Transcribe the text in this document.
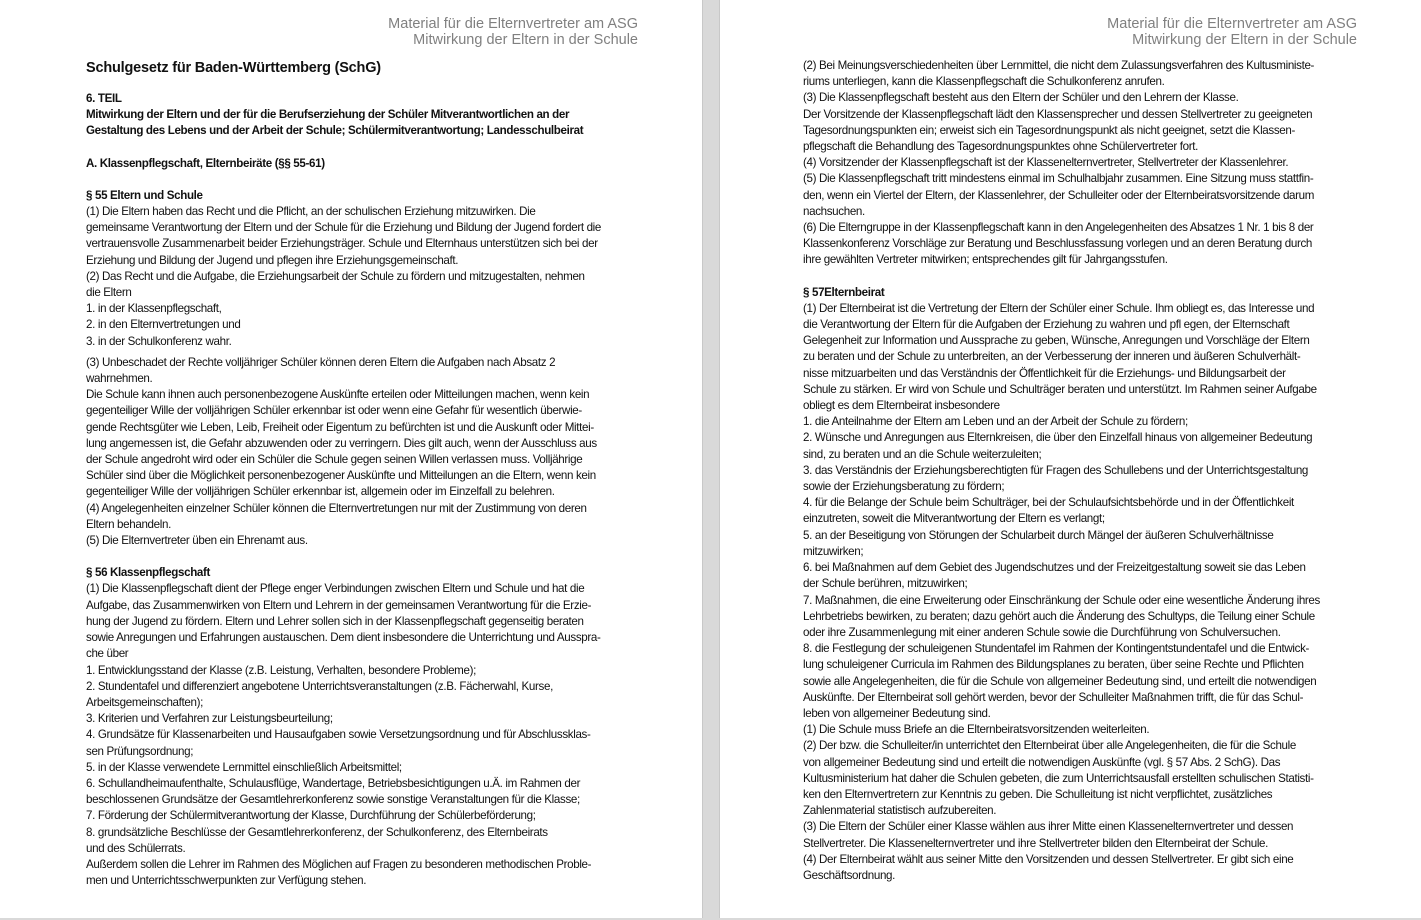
Material für die Elternvertreter am ASG
Mitwirkung der Eltern in der Schule
Schulgesetz für Baden-Württemberg (SchG)
6. TEIL
Mitwirkung der Eltern und der für die Berufserziehung der Schüler Mitverantwortlichen an der
Gestaltung des Lebens und der Arbeit der Schule; Schülermitverantwortung; Landesschulbeirat
A. Klassenpflegschaft, Elternbeiräte (§§ 55-61)
§ 55 Eltern und Schule
(1) Die Eltern haben das Recht und die Pflicht, an der schulischen Erziehung mitzuwirken. Die
gemeinsame Verantwortung der Eltern und der Schule für die Erziehung und Bildung der Jugend fordert die
vertrauensvolle Zusammenarbeit beider Erziehungsträger. Schule und Elternhaus unterstützen sich bei der
Erziehung und Bildung der Jugend und pflegen ihre Erziehungsgemeinschaft.
(2) Das Recht und die Aufgabe, die Erziehungsarbeit der Schule zu fördern und mitzugestalten, nehmen
die Eltern
1. in der Klassenpflegschaft,
2. in den Elternvertretungen und
3. in der Schulkonferenz wahr.
(3) Unbeschadet der Rechte volljähriger Schüler können deren Eltern die Aufgaben nach Absatz 2
wahrnehmen.
Die Schule kann ihnen auch personenbezogene Auskünfte erteilen oder Mitteilungen machen, wenn kein
gegenteiliger Wille der volljährigen Schüler erkennbar ist oder wenn eine Gefahr für wesentlich überwie-
gende Rechtsgüter wie Leben, Leib, Freiheit oder Eigentum zu befürchten ist und die Auskunft oder Mittei-
lung angemessen ist, die Gefahr abzuwenden oder zu verringern. Dies gilt auch, wenn der Ausschluss aus
der Schule angedroht wird oder ein Schüler die Schule gegen seinen Willen verlassen muss. Volljährige
Schüler sind über die Möglichkeit personenbezogener Auskünfte und Mitteilungen an die Eltern, wenn kein
gegenteiliger Wille der volljährigen Schüler erkennbar ist, allgemein oder im Einzelfall zu belehren.
(4) Angelegenheiten einzelner Schüler können die Elternvertretungen nur mit der Zustimmung von deren
Eltern behandeln.
(5) Die Elternvertreter üben ein Ehrenamt aus.
§ 56 Klassenpflegschaft
(1) Die Klassenpflegschaft dient der Pflege enger Verbindungen zwischen Eltern und Schule und hat die
Aufgabe, das Zusammenwirken von Eltern und Lehrern in der gemeinsamen Verantwortung für die Erzie-
hung der Jugend zu fördern. Eltern und Lehrer sollen sich in der Klassenpflegschaft gegenseitig beraten
sowie Anregungen und Erfahrungen austauschen. Dem dient insbesondere die Unterrichtung und Ausspra-
che über
1. Entwicklungsstand der Klasse (z.B. Leistung, Verhalten, besondere Probleme);
2. Stundentafel und differenziert angebotene Unterrichtsveranstaltungen (z.B. Fächerwahl, Kurse,
Arbeitsgemeinschaften);
3. Kriterien und Verfahren zur Leistungsbeurteilung;
4. Grundsätze für Klassenarbeiten und Hausaufgaben sowie Versetzungsordnung und für Abschlussklas-
sen Prüfungsordnung;
5. in der Klasse verwendete Lernmittel einschließlich Arbeitsmittel;
6. Schullandheimaufenthalte, Schulausflüge, Wandertage, Betriebsbesichtigungen u.Ä. im Rahmen der
beschlossenen Grundsätze der Gesamtlehrerkonferenz sowie sonstige Veranstaltungen für die Klasse;
7. Förderung der Schülermitverantwortung der Klasse, Durchführung der Schülerbeförderung;
8. grundsätzliche Beschlüsse der Gesamtlehrerkonferenz, der Schulkonferenz, des Elternbeirats
und des Schülerrats.
Außerdem sollen die Lehrer im Rahmen des Möglichen auf Fragen zu besonderen methodischen Proble-
men und Unterrichtsschwerpunkten zur Verfügung stehen.
Material für die Elternvertreter am ASG
Mitwirkung der Eltern in der Schule
(2) Bei Meinungsverschiedenheiten über Lernmittel, die nicht dem Zulassungsverfahren des Kultusministe-
riums unterliegen, kann die Klassenpflegschaft die Schulkonferenz anrufen.
(3) Die Klassenpflegschaft besteht aus den Eltern der Schüler und den Lehrern der Klasse.
Der Vorsitzende der Klassenpflegschaft lädt den Klassensprecher und dessen Stellvertreter zu geeigneten
Tagesordnungspunkten ein; erweist sich ein Tagesordnungspunkt als nicht geeignet, setzt die Klassen-
pflegschaft die Behandlung des Tagesordnungspunktes ohne Schülervertreter fort.
(4) Vorsitzender der Klassenpflegschaft ist der Klassenelternvertreter, Stellvertreter der Klassenlehrer.
(5) Die Klassenpflegschaft tritt mindestens einmal im Schulhalbjahr zusammen. Eine Sitzung muss stattfin-
den, wenn ein Viertel der Eltern, der Klassenlehrer, der Schulleiter oder der Elternbeiratsvorsitzende darum
nachsuchen.
(6) Die Elterngruppe in der Klassenpflegschaft kann in den Angelegenheiten des Absatzes 1 Nr. 1 bis 8 der
Klassenkonferenz Vorschläge zur Beratung und Beschlussfassung vorlegen und an deren Beratung durch
ihre gewählten Vertreter mitwirken; entsprechendes gilt für Jahrgangsstufen.
§ 57Elternbeirat
(1) Der Elternbeirat ist die Vertretung der Eltern der Schüler einer Schule. Ihm obliegt es, das Interesse und
die Verantwortung der Eltern für die Aufgaben der Erziehung zu wahren und pfl egen, der Elternschaft
Gelegenheit zur Information und Aussprache zu geben, Wünsche, Anregungen und Vorschläge der Eltern
zu beraten und der Schule zu unterbreiten, an der Verbesserung der inneren und äußeren Schulverhält-
nisse mitzuarbeiten und das Verständnis der Öffentlichkeit für die Erziehungs- und Bildungsarbeit der
Schule zu stärken. Er wird von Schule und Schulträger beraten und unterstützt. Im Rahmen seiner Aufgabe
obliegt es dem Elternbeirat insbesondere
1. die Anteilnahme der Eltern am Leben und an der Arbeit der Schule zu fördern;
2. Wünsche und Anregungen aus Elternkreisen, die über den Einzelfall hinaus von allgemeiner Bedeutung
sind, zu beraten und an die Schule weiterzuleiten;
3. das Verständnis der Erziehungsberechtigten für Fragen des Schullebens und der Unterrichtsgestaltung
sowie der Erziehungsberatung zu fördern;
4. für die Belange der Schule beim Schulträger, bei der Schulaufsichtsbehörde und in der Öffentlichkeit
einzutreten, soweit die Mitverantwortung der Eltern es verlangt;
5. an der Beseitigung von Störungen der Schularbeit durch Mängel der äußeren Schulverhältnisse
mitzuwirken;
6. bei Maßnahmen auf dem Gebiet des Jugendschutzes und der Freizeitgestaltung soweit sie das Leben
der Schule berühren, mitzuwirken;
7. Maßnahmen, die eine Erweiterung oder Einschränkung der Schule oder eine wesentliche Änderung ihres
Lehrbetriebs bewirken, zu beraten; dazu gehört auch die Änderung des Schultyps, die Teilung einer Schule
oder ihre Zusammenlegung mit einer anderen Schule sowie die Durchführung von Schulversuchen.
8. die Festlegung der schuleigenen Stundentafel im Rahmen der Kontingentstundentafel und die Entwick-
lung schuleigener Curricula im Rahmen des Bildungsplanes zu beraten, über seine Rechte und Pflichten
sowie alle Angelegenheiten, die für die Schule von allgemeiner Bedeutung sind, und erteilt die notwendigen
Auskünfte. Der Elternbeirat soll gehört werden, bevor der Schulleiter Maßnahmen trifft, die für das Schul-
leben von allgemeiner Bedeutung sind.
(1) Die Schule muss Briefe an die Elternbeiratsvorsitzenden weiterleiten.
(2) Der bzw. die Schulleiter/in unterrichtet den Elternbeirat über alle Angelegenheiten, die für die Schule
von allgemeiner Bedeutung sind und erteilt die notwendigen Auskünfte (vgl. § 57 Abs. 2 SchG). Das
Kultusministerium hat daher die Schulen gebeten, die zum Unterrichtsausfall erstellten schulischen Statisti-
ken den Elternvertretern zur Kenntnis zu geben. Die Schulleitung ist nicht verpflichtet, zusätzliches
Zahlenmaterial statistisch aufzubereiten.
(3) Die Eltern der Schüler einer Klasse wählen aus ihrer Mitte einen Klassenelternvertreter und dessen
Stellvertreter. Die Klassenelternvertreter und ihre Stellvertreter bilden den Elternbeirat der Schule.
(4) Der Elternbeirat wählt aus seiner Mitte den Vorsitzenden und dessen Stellvertreter. Er gibt sich eine
Geschäftsordnung.
